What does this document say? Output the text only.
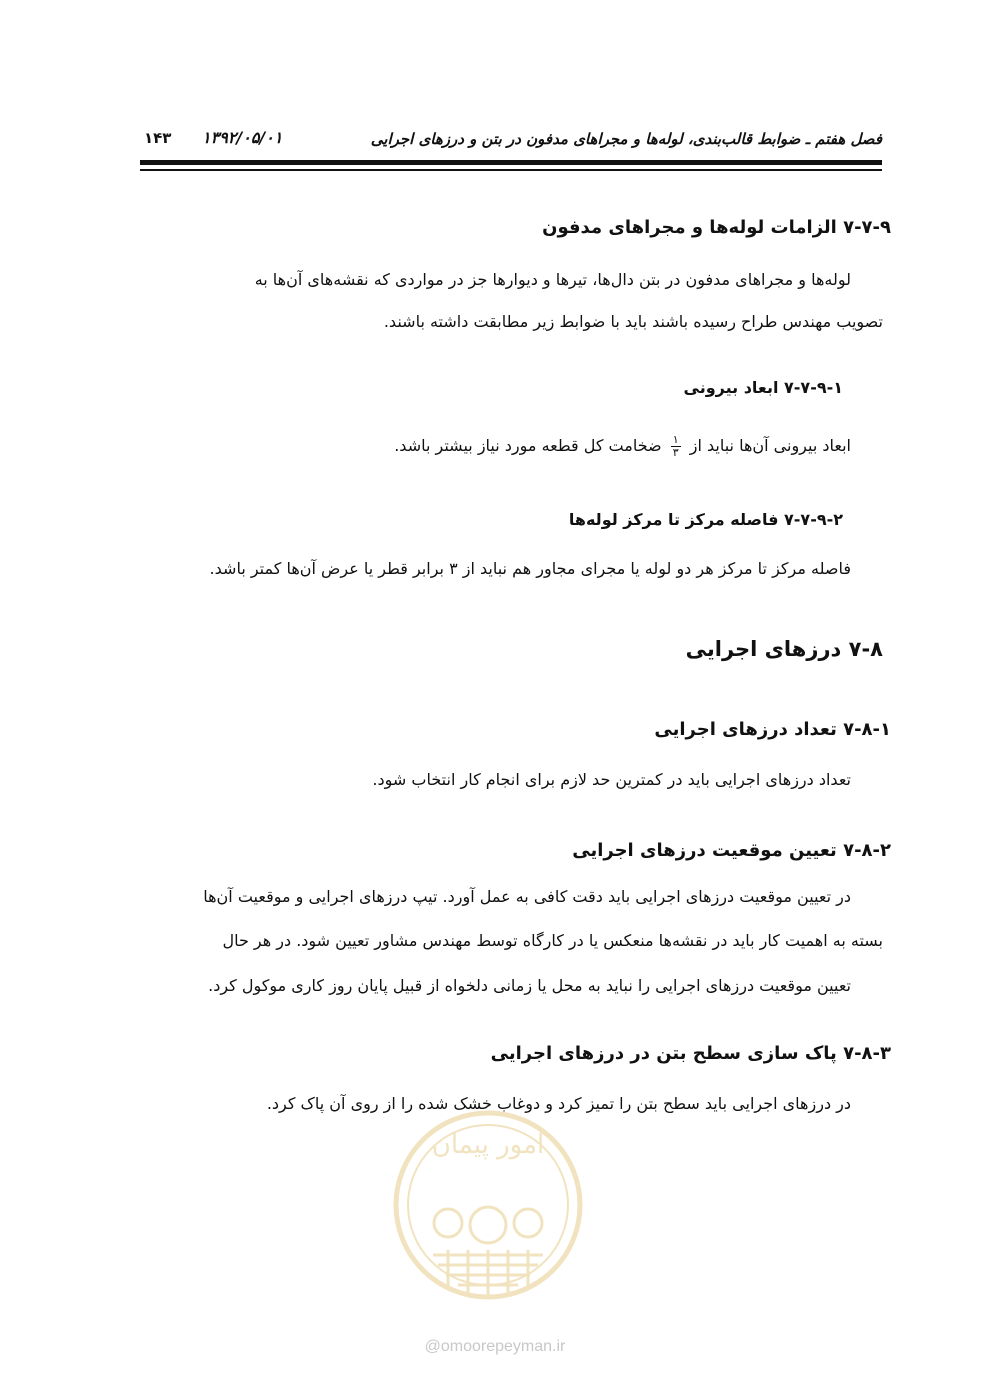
فصل هفتم ـ ضوابط قالب‌بندی، لوله‌ها و مجراهای مدفون در بتن و درزهای اجرایی
۱۳۹۲/۰۵/۰۱
۱۴۳
۷-۷-۹ الزامات لوله‌ها و مجراهای مدفون
لوله‌ها و مجراهای مدفون در بتن دال‌ها، تیرها و دیوارها جز در مواردی که نقشه‌های آن‌ها به
تصویب مهندس طراح رسیده باشند باید با ضوابط زیر مطابقت داشته باشند.
۷-۷-۹-۱ ابعاد بیرونی
ابعاد بیرونی آن‌ها نباید از
$\frac{۱}{۳}$
ضخامت کل قطعه مورد نیاز بیشتر باشد.
۷-۷-۹-۲ فاصله مرکز تا مرکز لوله‌ها
فاصله مرکز تا مرکز هر دو لوله یا مجرای مجاور هم نباید از ۳ برابر قطر یا عرض آن‌ها کمتر باشد.
۷-۸ درزهای اجرایی
۷-۸-۱ تعداد درزهای اجرایی
تعداد درزهای اجرایی باید در کمترین حد لازم برای انجام کار انتخاب شود.
۷-۸-۲ تعیین موقعیت درزهای اجرایی
در تعیین موقعیت درزهای اجرایی باید دقت کافی به عمل آورد. تیپ درزهای اجرایی و موقعیت آن‌ها
بسته به اهمیت کار باید در نقشه‌ها منعکس یا در کارگاه توسط مهندس مشاور تعیین شود. در هر حال
تعیین موقعیت درزهای اجرایی را نباید به محل یا زمانی دلخواه از قبیل پایان روز کاری موکول کرد.
۷-۸-۳ پاک سازی سطح بتن در درزهای اجرایی
در درزهای اجرایی باید سطح بتن را تمیز کرد و دوغاب خشک شده را از روی آن پاک کرد.
امور پیمان
@omoorepeyman.ir
